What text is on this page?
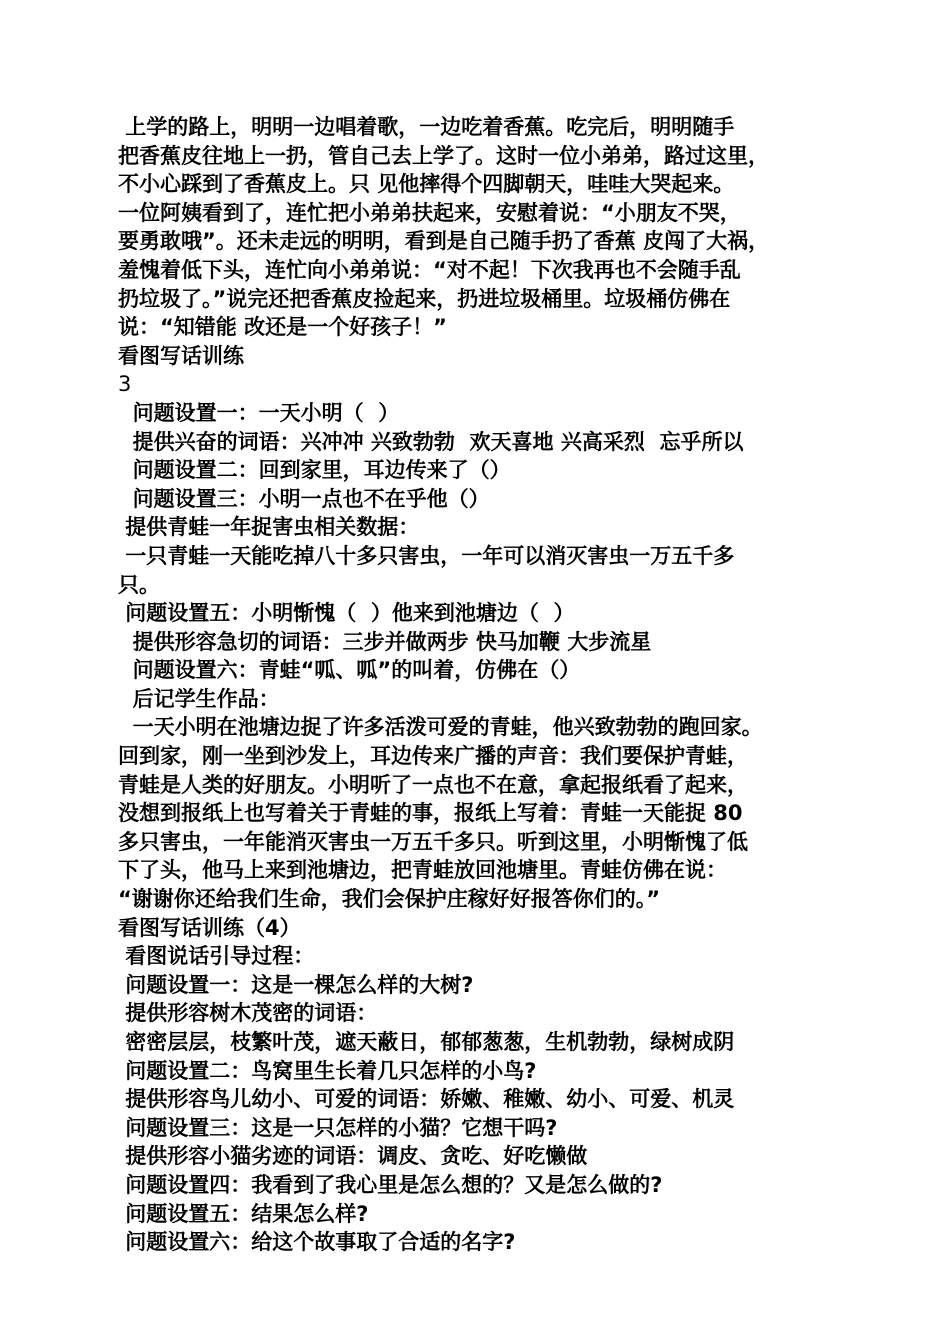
上学的路上，明明一边唱着歌，一边吃着香蕉。吃完后，明明随手
把香蕉皮往地上一扔，管自己去上学了。这时一位小弟弟，路过这里，
不小心踩到了香蕉皮上。只 见他摔得个四脚朝天，哇哇大哭起来。
一位阿姨看到了，连忙把小弟弟扶起来，安慰着说：“小朋友不哭，
要勇敢哦”。还未走远的明明，看到是自己随手扔了香蕉 皮闯了大祸，
羞愧着低下头，连忙向小弟弟说：“对不起！下次我再也不会随手乱
扔垃圾了。”说完还把香蕉皮捡起来，扔进垃圾桶里。垃圾桶仿佛在
说：“知错能 改还是一个好孩子！”
看图写话训练
3
问题设置一：一天小明（  ）
提供兴奋的词语：兴冲冲 兴致勃勃  欢天喜地 兴高采烈  忘乎所以
问题设置二：回到家里，耳边传来了（）
问题设置三：小明一点也不在乎他（）
提供青蛙一年捉害虫相关数据：
一只青蛙一天能吃掉八十多只害虫，一年可以消灭害虫一万五千多
只。
问题设置五：小明惭愧（  ）他来到池塘边（  ）
提供形容急切的词语：三步并做两步 快马加鞭 大步流星
问题设置六：青蛙“呱、呱”的叫着，仿佛在（）
后记学生作品：
一天小明在池塘边捉了许多活泼可爱的青蛙，他兴致勃勃的跑回家。
回到家，刚一坐到沙发上，耳边传来广播的声音：我们要保护青蛙，
青蛙是人类的好朋友。小明听了一点也不在意，拿起报纸看了起来，
没想到报纸上也写着关于青蛙的事，报纸上写着：青蛙一天能捉 80
多只害虫，一年能消灭害虫一万五千多只。听到这里，小明惭愧了低
下了头，他马上来到池塘边，把青蛙放回池塘里。青蛙仿佛在说：
“谢谢你还给我们生命，我们会保护庄稼好好报答你们的。”
看图写话训练（4）
看图说话引导过程：
问题设置一：这是一棵怎么样的大树?
提供形容树木茂密的词语：
密密层层，枝繁叶茂，遮天蔽日，郁郁葱葱，生机勃勃，绿树成阴
问题设置二：鸟窝里生长着几只怎样的小鸟?
提供形容鸟儿幼小、可爱的词语：娇嫩、稚嫩、幼小、可爱、机灵
问题设置三：这是一只怎样的小猫？它想干吗?
提供形容小猫劣迹的词语：调皮、贪吃、好吃懒做
问题设置四：我看到了我心里是怎么想的？又是怎么做的?
问题设置五：结果怎么样?
问题设置六：给这个故事取了合适的名字?
